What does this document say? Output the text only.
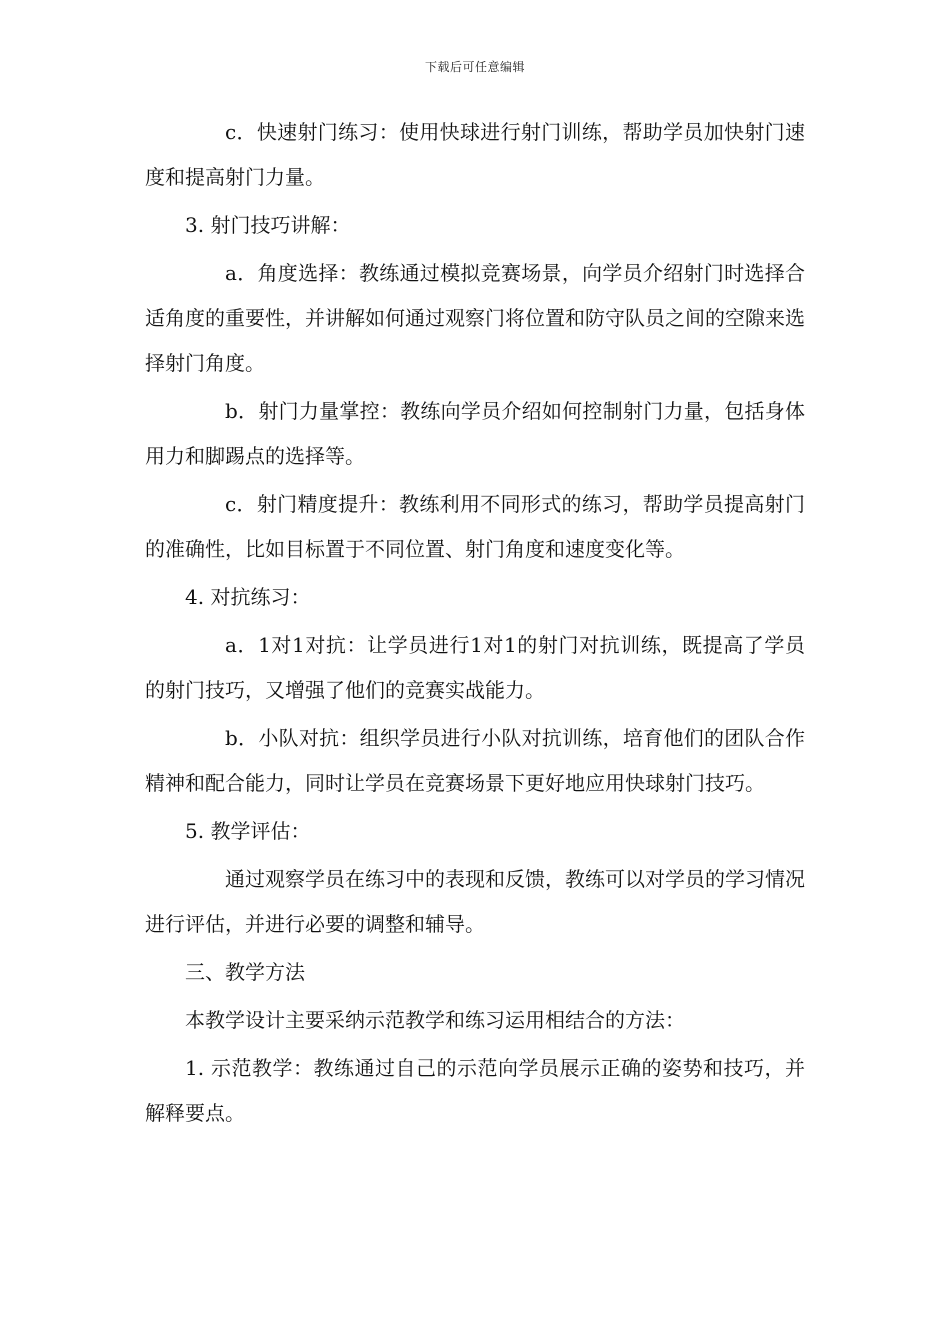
下载后可任意编辑

c．快速射门练习：使用快球进行射门训练，帮助学员加快射门速度和提高射门力量。

3. 射门技巧讲解：

a．角度选择：教练通过模拟竞赛场景，向学员介绍射门时选择合适角度的重要性，并讲解如何通过观察门将位置和防守队员之间的空隙来选择射门角度。

b．射门力量掌控：教练向学员介绍如何控制射门力量，包括身体用力和脚踢点的选择等。

c．射门精度提升：教练利用不同形式的练习，帮助学员提高射门的准确性，比如目标置于不同位置、射门角度和速度变化等。

4. 对抗练习：

a．1对1对抗：让学员进行1对1的射门对抗训练，既提高了学员的射门技巧，又增强了他们的竞赛实战能力。

b．小队对抗：组织学员进行小队对抗训练，培育他们的团队合作精神和配合能力，同时让学员在竞赛场景下更好地应用快球射门技巧。

5. 教学评估：

通过观察学员在练习中的表现和反馈，教练可以对学员的学习情况进行评估，并进行必要的调整和辅导。

三、教学方法

本教学设计主要采纳示范教学和练习运用相结合的方法：

1. 示范教学：教练通过自己的示范向学员展示正确的姿势和技巧，并解释要点。
